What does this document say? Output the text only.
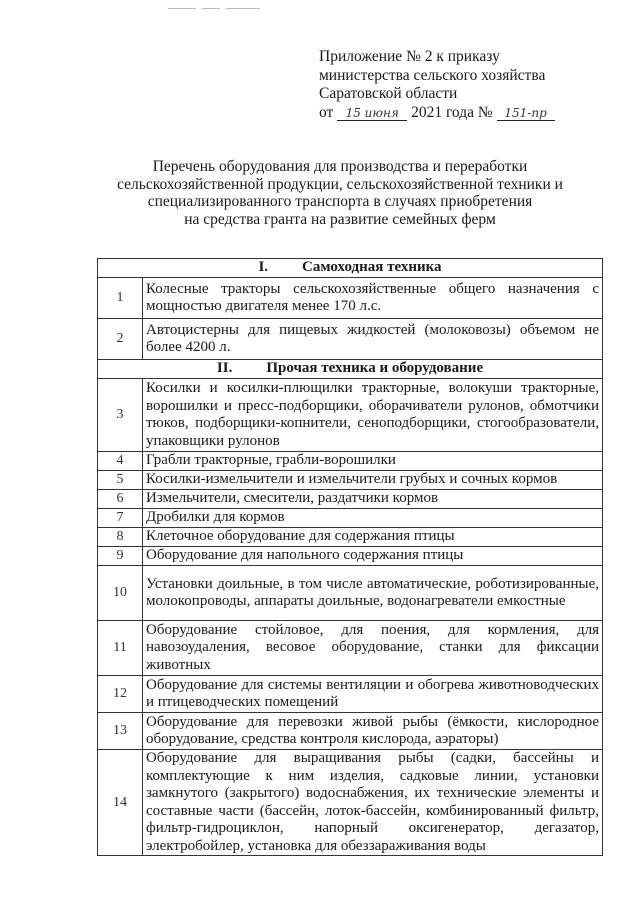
Приложение № 2 к приказу
министерства сельского хозяйства
Саратовской области
от 15 июня 2021 года № 151-пр
Перечень оборудования для производства и переработки
сельскохозяйственной продукции, сельскохозяйственной техники и
специализированного транспорта в случаях приобретения
на средства гранта на развитие семейных ферм
I. Самоходная техника	
1	Колесные тракторы сельскохозяйственные общего назначения с мощностью двигателя менее 170 л.с.
2	Автоцистерны для пищевых жидкостей (молоковозы) объемом не более 4200 л.
II. Прочая техника и оборудование	
3	Косилки и косилки-плющилки тракторные, волокуши тракторные, ворошилки и пресс-подборщики, оборачиватели рулонов, обмотчики тюков, подборщики-копнители, сеноподборщики, стогообразователи, упаковщики рулонов
4	Грабли тракторные, грабли-ворошилки
5	Косилки-измельчители и измельчители грубых и сочных кормов
6	Измельчители, смесители, раздатчики кормов
7	Дробилки для кормов
8	Клеточное оборудование для содержания птицы
9	Оборудование для напольного содержания птицы
10	Установки доильные, в том числе автоматические, роботизированные, молокопроводы, аппараты доильные, водонагреватели емкостные
11	Оборудование стойловое, для поения, для кормления, для навозоудаления, весовое оборудование, станки для фиксации животных
12	Оборудование для системы вентиляции и обогрева животноводческих и птицеводческих помещений
13	Оборудование для перевозки живой рыбы (ёмкости, кислородное оборудование, средства контроля кислорода, аэраторы)
14	Оборудование для выращивания рыбы (садки, бассейны и комплектующие к ним изделия, садковые линии, установки замкнутого (закрытого) водоснабжения, их технические элементы и составные части (бассейн, лоток-бассейн, комбинированный фильтр, фильтр-гидроциклон, напорный оксигенератор, дегазатор, электробойлер, установка для обеззараживания воды
